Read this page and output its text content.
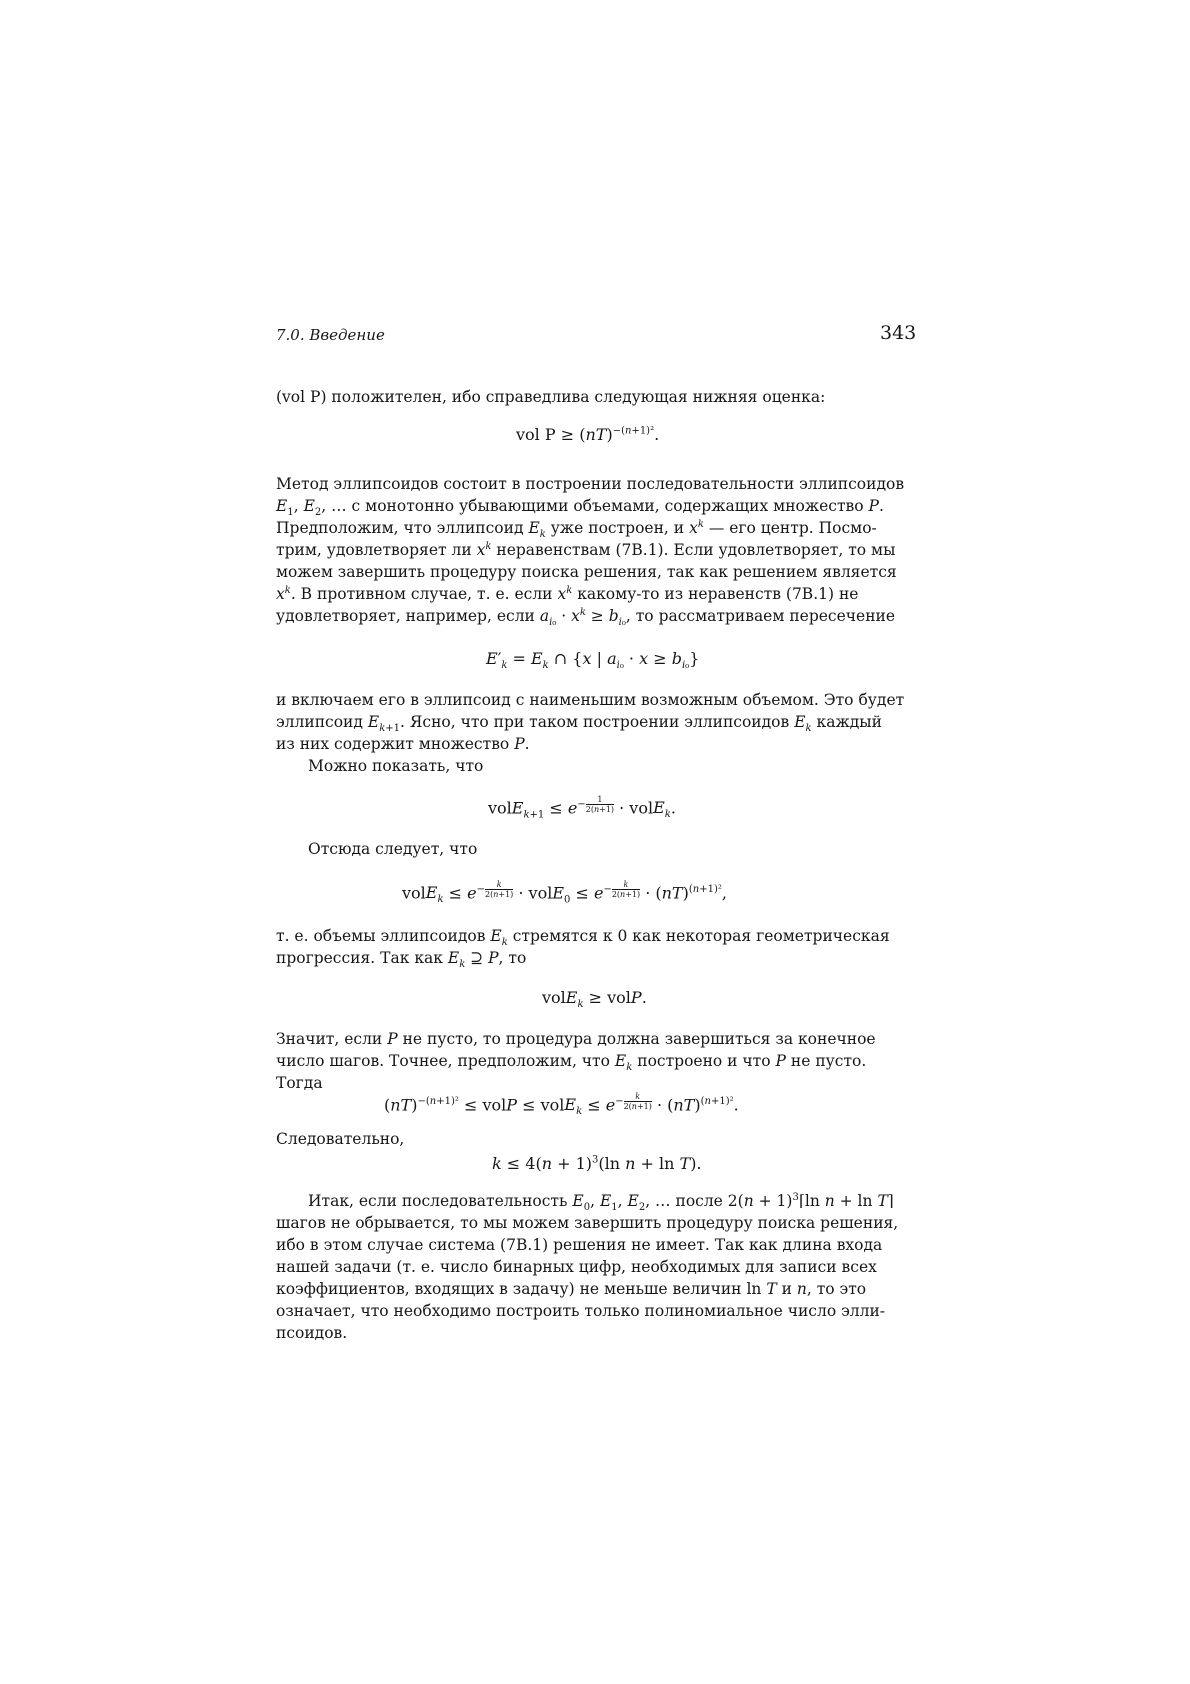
7.0. Введение	343
(vol P) положителен, ибо справедлива следующая нижняя оценка:
vol P ≥ (nT)$^{-(n+1)^2}$.
Метод эллипсоидов состоит в построении последовательности эллипсоидов
$E_1$, $E_2$, … с монотонно убывающими объемами, содержащих множество P.
Предположим, что эллипсоид $E_k$ уже построен, и $x^k$ — его центр. Посмо-
трим, удовлетворяет ли $x^k$ неравенствам (7B.1). Если удовлетворяет, то мы
можем завершить процедуру поиска решения, так как решением является
$x^k$. В противном случае, т. е. если $x^k$ какому-то из неравенств (7B.1) не
удовлетворяет, например, если $a_{i_0} \cdot x^k \ge b_{i_0}$, то рассматриваем пересечение
$E'_k = E_k$ ∩ {x | $a_{i_0} \cdot x \ge b_{i_0}$}
и включаем его в эллипсоид с наименьшим возможным объемом. Это будет
эллипсоид $E_{k+1}$. Ясно, что при таком построении эллипсоидов $E_k$ каждый
из них содержит множество P.
Можно показать, что
volE$_{k+1}$ ≤ $e^{- \frac{1}{2(n+1)}}$ · volE$_k$.
Отсюда следует, что
volE$_k$ ≤ $e^{- \frac{k}{2(n+1)}}$ · volE$_0$ ≤ $e^{- \frac{k}{2(n+1)}} \cdot (nT)^{(n+1)^2}$,
т. е. объемы эллипсоидов $E_k$ стремятся к 0 как некоторая геометрическая
прогрессия. Так как $E_k$ ⊇ P, то
volE$_k$ ≥ volP.
Значит, если P не пусто, то процедура должна завершиться за конечное
число шагов. Точнее, предположим, что $E_k$ построено и что P не пусто.
Тогда
(nT)$^{-(n+1)^2}$ ≤ volP ≤ volE$_k$ ≤ $e^{- \frac{k}{2(n+1)}} \cdot (nT)^{(n+1)^2}$.
Следовательно,
$k \le 4(n + 1)^3(\ln$ n + ln T).
Итак, если последовательность $E_0$, $E_1$, $E_2$, … после $2(n + 1)^3⌈\ln$ n + ln T⌉
шагов не обрывается, то мы можем завершить процедуру поиска решения,
ибо в этом случае система (7B.1) решения не имеет. Так как длина входа
нашей задачи (т. е. число бинарных цифр, необходимых для записи всех
коэффициентов, входящих в задачу) не меньше величин ln T и n, то это
означает, что необходимо построить только полиномиальное число элли-
псоидов.
